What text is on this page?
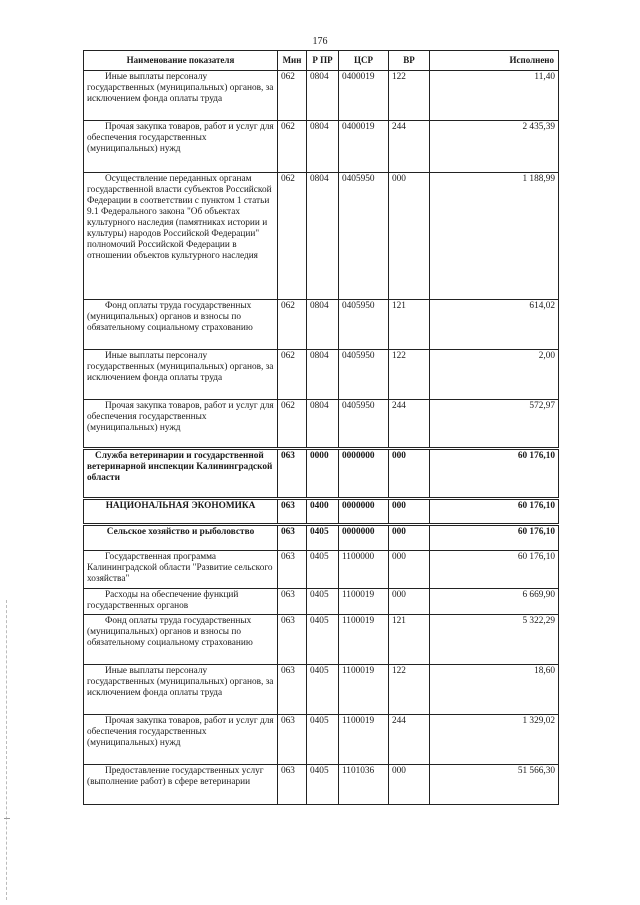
176
Наименование показателя	Мин	Р ПР	ЦСР	ВР	Исполнено
Иные выплаты персоналу государственных (муниципальных) органов, за исключением фонда оплаты труда	062	0804	0400019	122	11,40
Прочая закупка товаров, работ и услуг для обеспечения государственных (муниципальных) нужд	062	0804	0400019	244	2 435,39
Осуществление переданных органам государственной власти субъектов Российской Федерации в соответствии с пунктом 1 статьи 9.1 Федерального закона "Об объектах культурного наследия (памятниках истории и культуры) народов Российской Федерации" полномочий Российской Федерации в отношении объектов культурного наследия	062	0804	0405950	000	1 188,99
Фонд оплаты труда государственных (муниципальных) органов и взносы по обязательному социальному страхованию	062	0804	0405950	121	614,02
Иные выплаты персоналу государственных (муниципальных) органов, за исключением фонда оплаты труда	062	0804	0405950	122	2,00
Прочая закупка товаров, работ и услуг для обеспечения государственных (муниципальных) нужд	062	0804	0405950	244	572,97
Служба ветеринарии и государственной ветеринарной инспекции Калининградской области	063	0000	0000000	000	60 176,10
НАЦИОНАЛЬНАЯ ЭКОНОМИКА	063	0400	0000000	000	60 176,10
Сельское хозяйство и рыболовство	063	0405	0000000	000	60 176,10
Государственная программа Калининградской области "Развитие сельского хозяйства"	063	0405	1100000	000	60 176,10
Расходы на обеспечение функций государственных органов	063	0405	1100019	000	6 669,90
Фонд оплаты труда государственных (муниципальных) органов и взносы по обязательному социальному страхованию	063	0405	1100019	121	5 322,29
Иные выплаты персоналу государственных (муниципальных) органов, за исключением фонда оплаты труда	063	0405	1100019	122	18,60
Прочая закупка товаров, работ и услуг для обеспечения государственных (муниципальных) нужд	063	0405	1100019	244	1 329,02
Предоставление государственных услуг (выполнение работ) в сфере ветеринарии	063	0405	1101036	000	51 566,30
